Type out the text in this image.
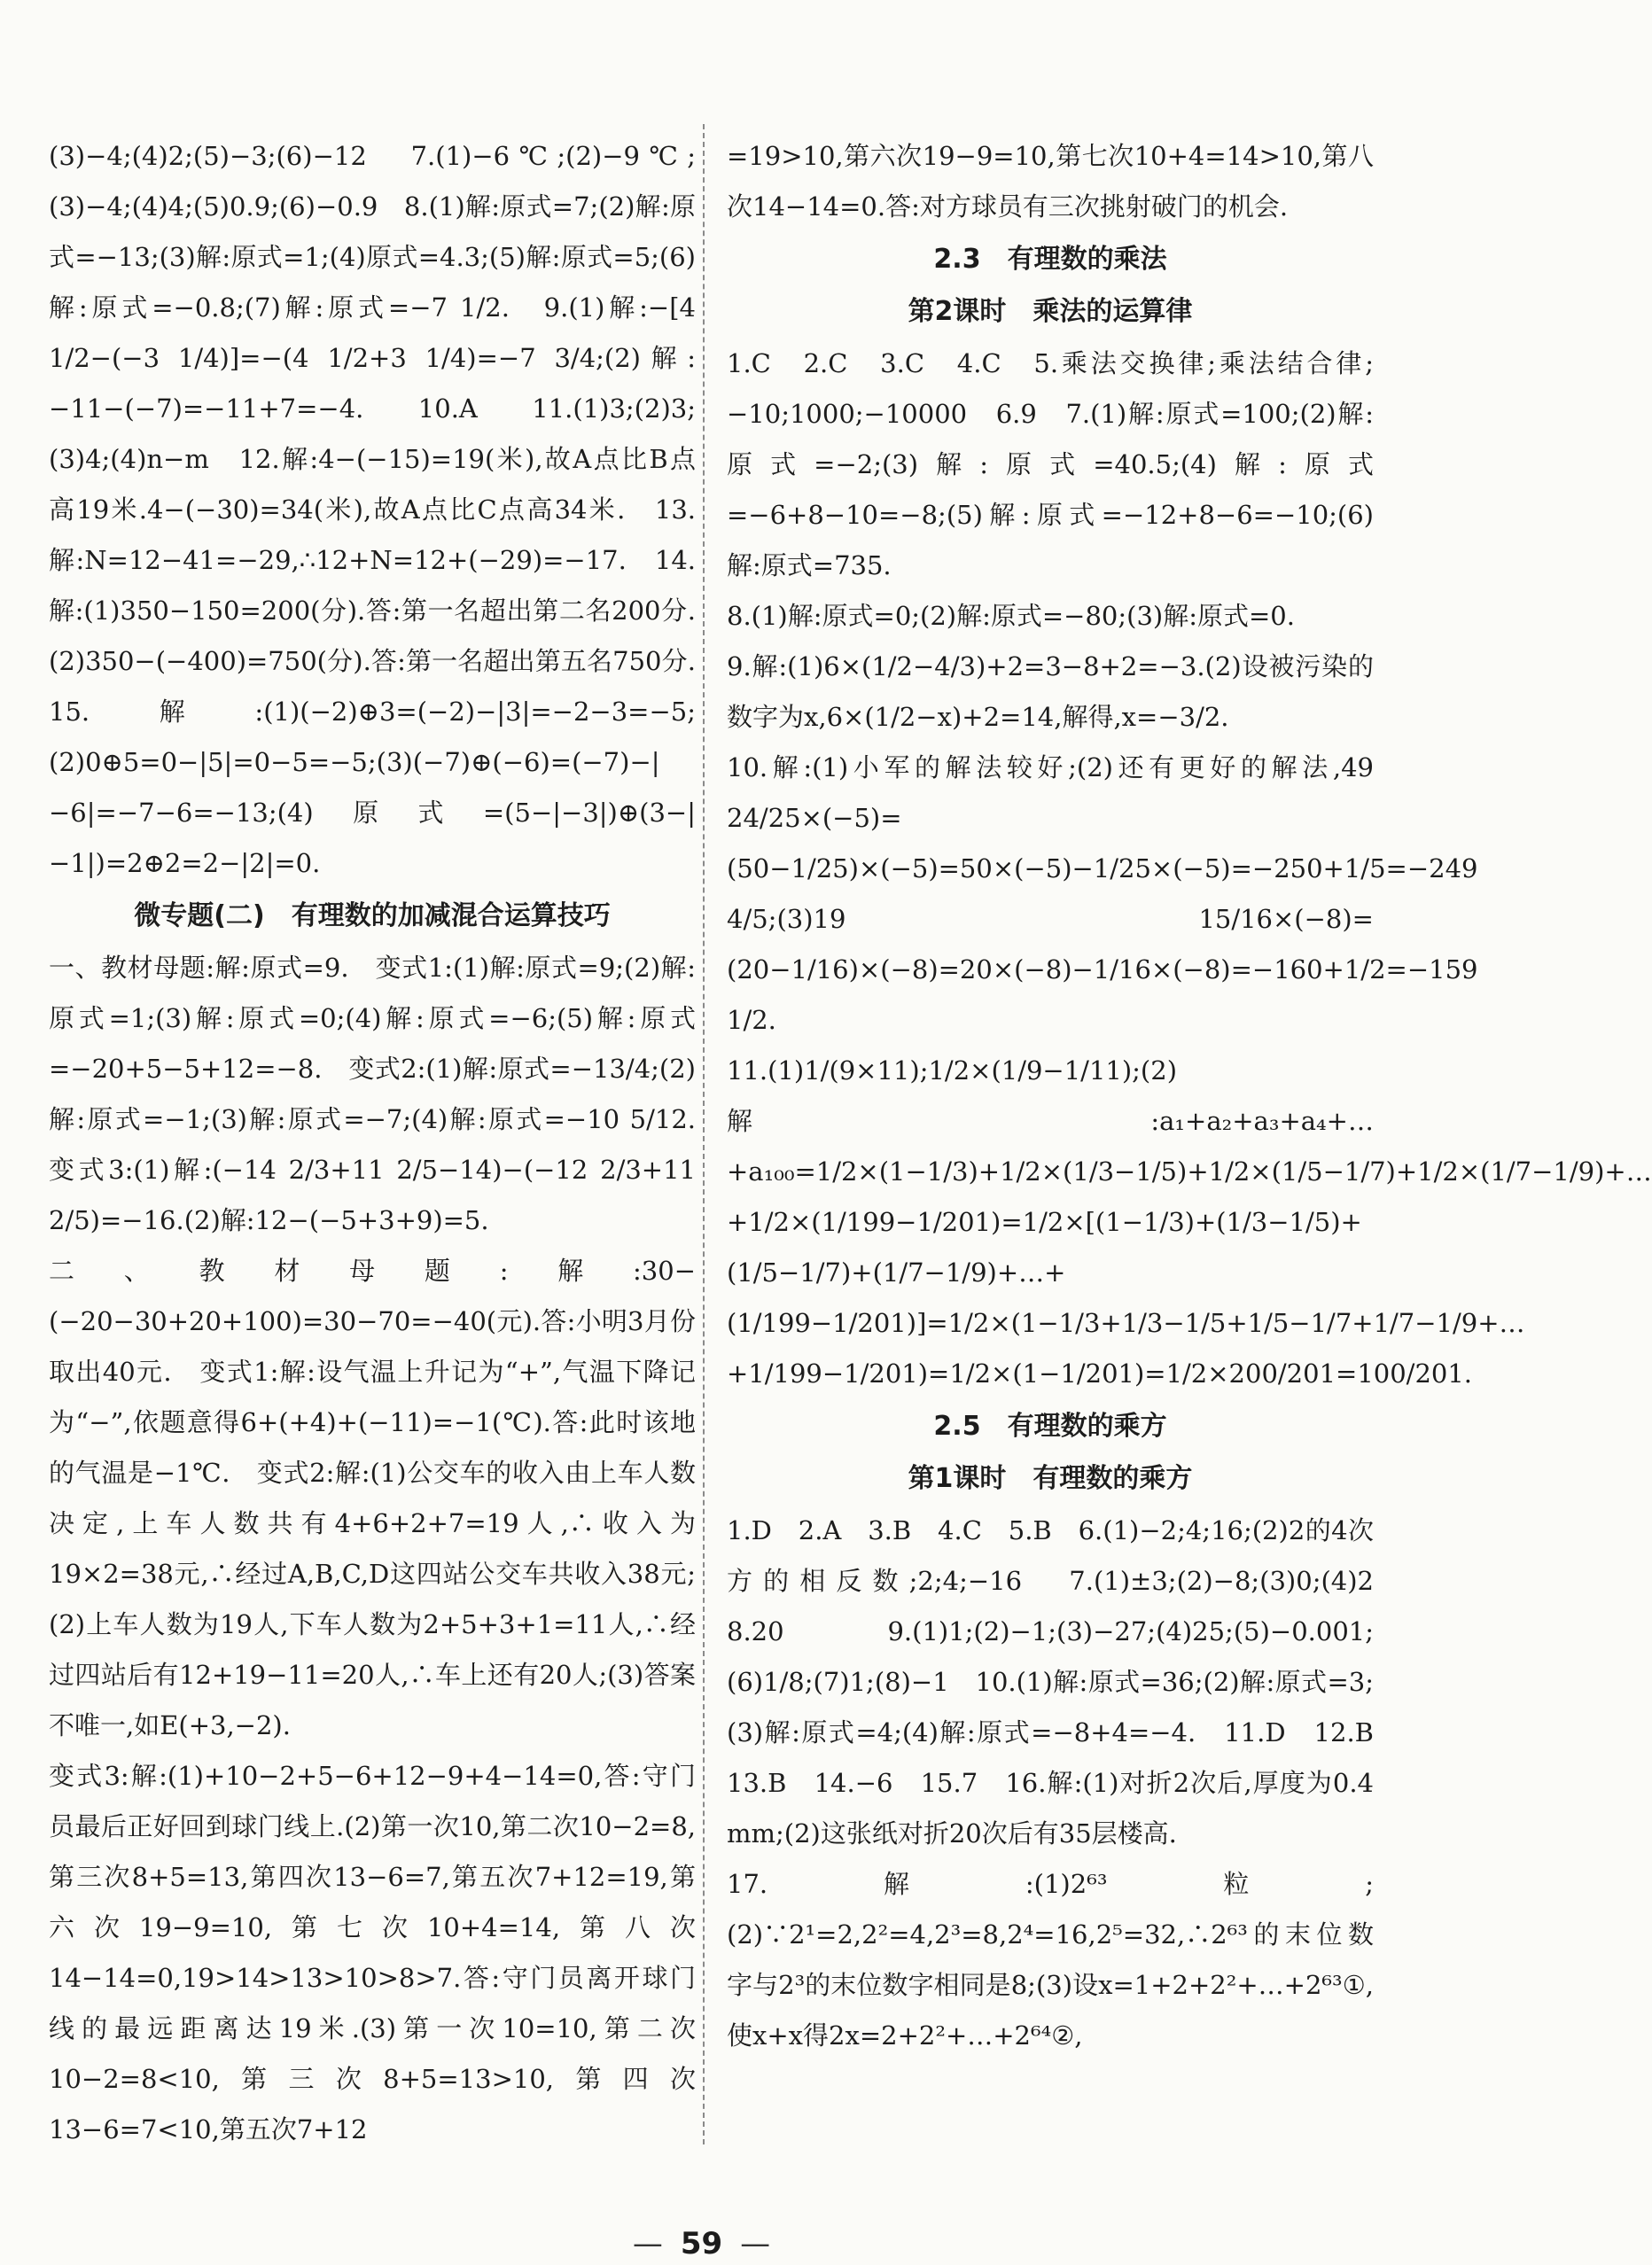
(3)−4;(4)2;(5)−3;(6)−12　7.(1)−6℃;(2)−9℃;(3)−4;(4)4;(5)0.9;(6)−0.9　8.(1)解:原式=7;(2)解:原式=−13;(3)解:原式=1;(4)原式=4.3;(5)解:原式=5;(6)解:原式=−0.8;(7)解:原式=−7 1/2.　9.(1)解:−[4 1/2−(−3 1/4)]=−(4 1/2+3 1/4)=−7 3/4;(2)解:−11−(−7)=−11+7=−4.　10.A　11.(1)3;(2)3;(3)4;(4)n−m　12.解:4−(−15)=19(米),故A点比B点高19米.4−(−30)=34(米),故A点比C点高34米.　13.解:N=12−41=−29,∴12+N=12+(−29)=−17.　14.解:(1)350−150=200(分).答:第一名超出第二名200分.(2)350−(−400)=750(分).答:第一名超出第五名750分.　15.解:(1)(−2)⊕3=(−2)−|3|=−2−3=−5;(2)0⊕5=0−|5|=0−5=−5;(3)(−7)⊕(−6)=(−7)−|−6|=−7−6=−13;(4)原式=(5−|−3|)⊕(3−|−1|)=2⊕2=2−|2|=0.

微专题(二)　有理数的加减混合运算技巧

一、教材母题:解:原式=9.　变式1:(1)解:原式=9;(2)解:原式=1;(3)解:原式=0;(4)解:原式=−6;(5)解:原式=−20+5−5+12=−8.　变式2:(1)解:原式=−13/4;(2)解:原式=−1;(3)解:原式=−7;(4)解:原式=−10 5/12.　变式3:(1)解:(−14 2/3+11 2/5−14)−(−12 2/3+11 2/5)=−16.(2)解:12−(−5+3+9)=5.

二、教材母题:解:30−(−20−30+20+100)=30−70=−40(元).答:小明3月份取出40元.　变式1:解:设气温上升记为“+”,气温下降记为“−”,依题意得6+(+4)+(−11)=−1(℃).答:此时该地的气温是−1℃.　变式2:解:(1)公交车的收入由上车人数决定,上车人数共有4+6+2+7=19人,∴收入为19×2=38元,∴经过A,B,C,D这四站公交车共收入38元;(2)上车人数为19人,下车人数为2+5+3+1=11人,∴经过四站后有12+19−11=20人,∴车上还有20人;(3)答案不唯一,如E(+3,−2).

变式3:解:(1)+10−2+5−6+12−9+4−14=0,答:守门员最后正好回到球门线上.(2)第一次10,第二次10−2=8,第三次8+5=13,第四次13−6=7,第五次7+12=19,第六次19−9=10,第七次10+4=14,第八次14−14=0,19>14>13>10>8>7.答:守门员离开球门线的最远距离达19米.(3)第一次10=10,第二次10−2=8<10,第三次8+5=13>10,第四次13−6=7<10,第五次7+12

=19>10,第六次19−9=10,第七次10+4=14>10,第八次14−14=0.答:对方球员有三次挑射破门的机会.

2.3　有理数的乘法
第2课时　乘法的运算律

1.C　2.C　3.C　4.C　5.乘法交换律;乘法结合律;−10;1000;−10000　6.9　7.(1)解:原式=100;(2)解:原式=−2;(3)解:原式=40.5;(4)解:原式=−6+8−10=−8;(5)解:原式=−12+8−6=−10;(6)解:原式=735.

8.(1)解:原式=0;(2)解:原式=−80;(3)解:原式=0.

9.解:(1)6×(1/2−4/3)+2=3−8+2=−3.(2)设被污染的数字为x,6×(1/2−x)+2=14,解得,x=−3/2.

10.解:(1)小军的解法较好;(2)还有更好的解法,49 24/25×(−5)=(50−1/25)×(−5)=50×(−5)−1/25×(−5)=−250+1/5=−249 4/5;(3)19 15/16×(−8)=(20−1/16)×(−8)=20×(−8)−1/16×(−8)=−160+1/2=−159 1/2.

11.(1)1/(9×11);1/2×(1/9−1/11);(2)解:a₁+a₂+a₃+a₄+…+a₁₀₀=1/2×(1−1/3)+1/2×(1/3−1/5)+1/2×(1/5−1/7)+1/2×(1/7−1/9)+…+1/2×(1/199−1/201)=1/2×[(1−1/3)+(1/3−1/5)+(1/5−1/7)+(1/7−1/9)+…+(1/199−1/201)]=1/2×(1−1/3+1/3−1/5+1/5−1/7+1/7−1/9+…+1/199−1/201)=1/2×(1−1/201)=1/2×200/201=100/201.

2.5　有理数的乘方
第1课时　有理数的乘方

1.D　2.A　3.B　4.C　5.B　6.(1)−2;4;16;(2)2的4次方的相反数;2;4;−16　7.(1)±3;(2)−8;(3)0;(4)2　8.20　9.(1)1;(2)−1;(3)−27;(4)25;(5)−0.001;(6)1/8;(7)1;(8)−1　10.(1)解:原式=36;(2)解:原式=3;(3)解:原式=4;(4)解:原式=−8+4=−4.　11.D　12.B　13.B　14.−6　15.7　16.解:(1)对折2次后,厚度为0.4 mm;(2)这张纸对折20次后有35层楼高.

17.解:(1)2⁶³粒;(2)∵2¹=2,2²=4,2³=8,2⁴=16,2⁵=32,∴2⁶³的末位数字与2³的末位数字相同是8;(3)设x=1+2+2²+…+2⁶³①,使x+x得2x=2+2²+…+2⁶⁴②,

— 59 —
